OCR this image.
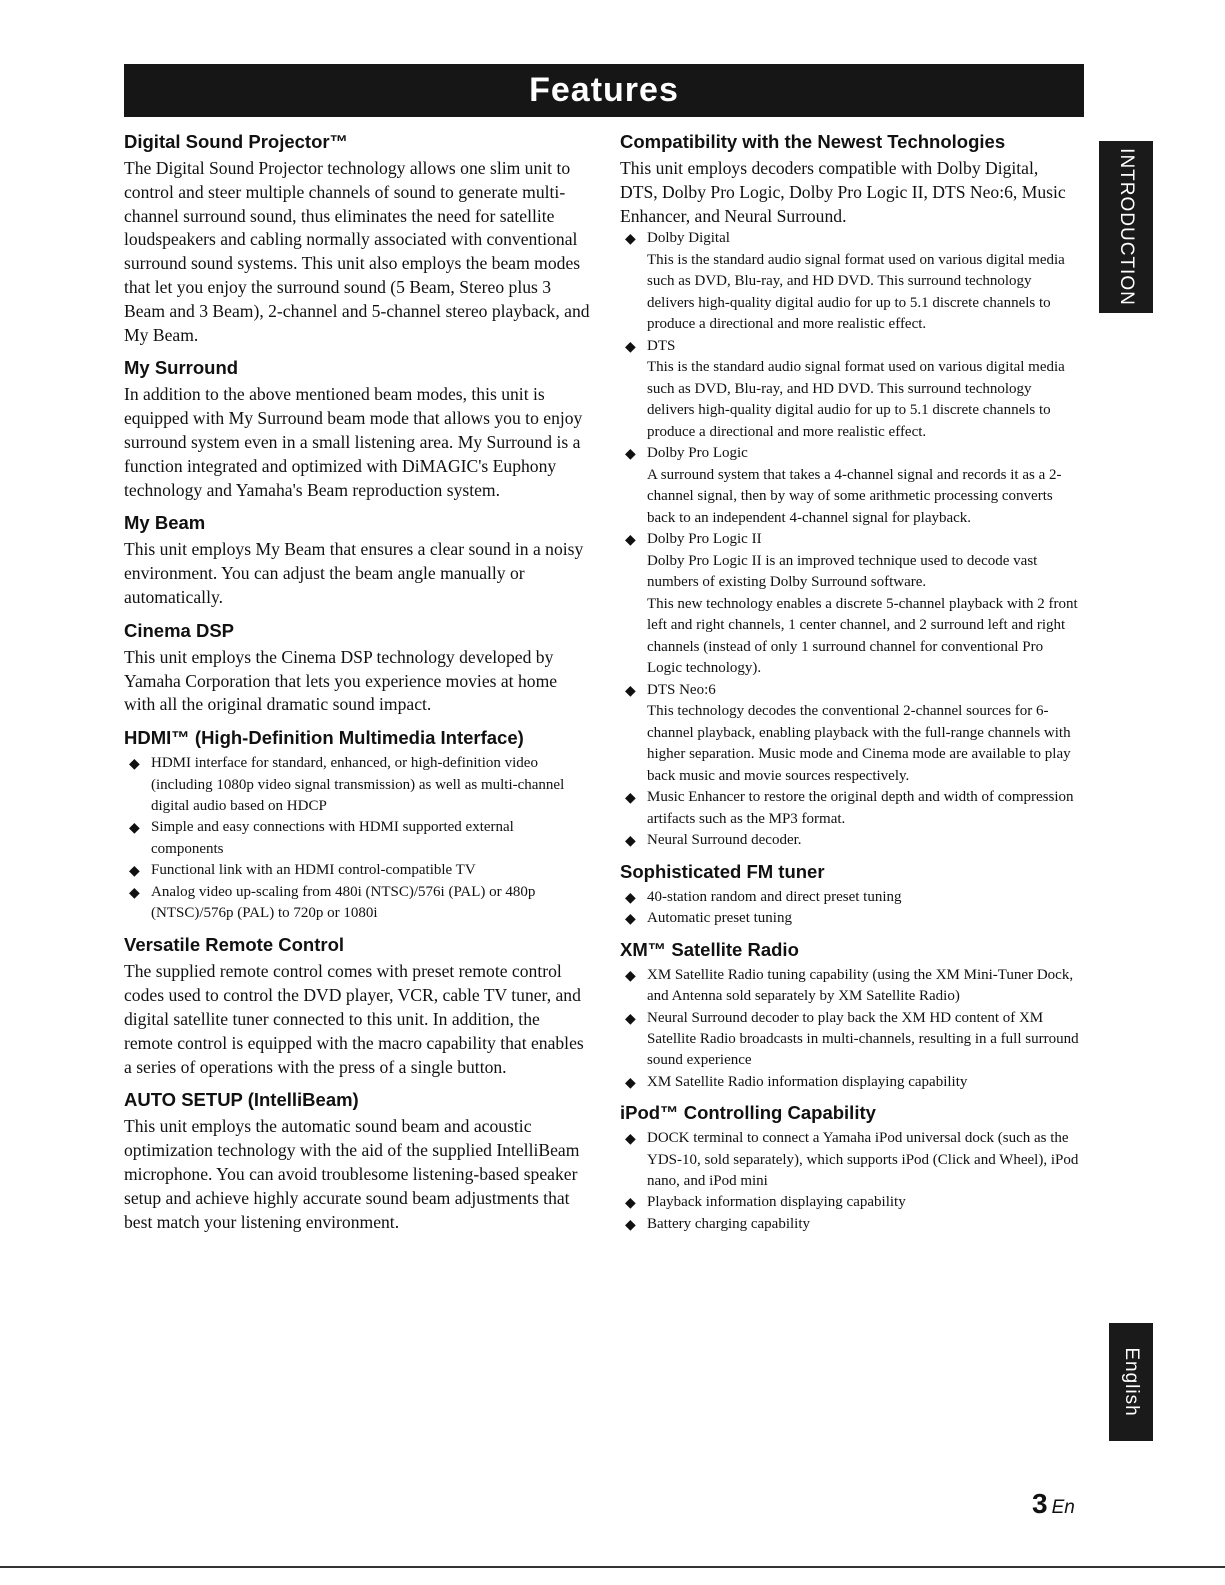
Features
INTRODUCTION
English
Digital Sound Projector™

The Digital Sound Projector technology allows one slim unit to control and steer multiple channels of sound to generate multi-channel surround sound, thus eliminates the need for satellite loudspeakers and cabling normally associated with conventional surround sound systems. This unit also employs the beam modes that let you enjoy the surround sound (5 Beam, Stereo plus 3 Beam and 3 Beam), 2-channel and 5-channel stereo playback, and My Beam.

My Surround

In addition to the above mentioned beam modes, this unit is equipped with My Surround beam mode that allows you to enjoy surround system even in a small listening area. My Surround is a function integrated and optimized with DiMAGIC's Euphony technology and Yamaha's Beam reproduction system.

My Beam

This unit employs My Beam that ensures a clear sound in a noisy environment. You can adjust the beam angle manually or automatically.

Cinema DSP

This unit employs the Cinema DSP technology developed by Yamaha Corporation that lets you experience movies at home with all the original dramatic sound impact.

HDMI™ (High-Definition Multimedia Interface)
◆ HDMI interface for standard, enhanced, or high-definition video (including 1080p video signal transmission) as well as multi-channel digital audio based on HDCP
◆ Simple and easy connections with HDMI supported external components
◆ Functional link with an HDMI control-compatible TV
◆ Analog video up-scaling from 480i (NTSC)/576i (PAL) or 480p (NTSC)/576p (PAL) to 720p or 1080i
Versatile Remote Control

The supplied remote control comes with preset remote control codes used to control the DVD player, VCR, cable TV tuner, and digital satellite tuner connected to this unit. In addition, the remote control is equipped with the macro capability that enables a series of operations with the press of a single button.

AUTO SETUP (IntelliBeam)

This unit employs the automatic sound beam and acoustic optimization technology with the aid of the supplied IntelliBeam microphone. You can avoid troublesome listening-based speaker setup and achieve highly accurate sound beam adjustments that best match your listening environment.

Compatibility with the Newest Technologies

This unit employs decoders compatible with Dolby Digital, DTS, Dolby Pro Logic, Dolby Pro Logic II, DTS Neo:6, Music Enhancer, and Neural Surround.

◆ Dolby Digital
This is the standard audio signal format used on various digital media such as DVD, Blu-ray, and HD DVD. This surround technology delivers high-quality digital audio for up to 5.1 discrete channels to produce a directional and more realistic effect.
◆ DTS
This is the standard audio signal format used on various digital media such as DVD, Blu-ray, and HD DVD. This surround technology delivers high-quality digital audio for up to 5.1 discrete channels to produce a directional and more realistic effect.
◆ Dolby Pro Logic
A surround system that takes a 4-channel signal and records it as a 2-channel signal, then by way of some arithmetic processing converts back to an independent 4-channel signal for playback.
◆ Dolby Pro Logic II
Dolby Pro Logic II is an improved technique used to decode vast numbers of existing Dolby Surround software.
This new technology enables a discrete 5-channel playback with 2 front left and right channels, 1 center channel, and 2 surround left and right channels (instead of only 1 surround channel for conventional Pro Logic technology).
◆ DTS Neo:6
This technology decodes the conventional 2-channel sources for 6-channel playback, enabling playback with the full-range channels with higher separation. Music mode and Cinema mode are available to play back music and movie sources respectively.
◆ Music Enhancer to restore the original depth and width of compression artifacts such as the MP3 format.
◆ Neural Surround decoder.
Sophisticated FM tuner
◆ 40-station random and direct preset tuning
◆ Automatic preset tuning
XM™ Satellite Radio
◆ XM Satellite Radio tuning capability (using the XM Mini-Tuner Dock, and Antenna sold separately by XM Satellite Radio)
◆ Neural Surround decoder to play back the XM HD content of XM Satellite Radio broadcasts in multi-channels, resulting in a full surround sound experience
◆ XM Satellite Radio information displaying capability
iPod™ Controlling Capability
◆ DOCK terminal to connect a Yamaha iPod universal dock (such as the YDS-10, sold separately), which supports iPod (Click and Wheel), iPod nano, and iPod mini
◆ Playback information displaying capability
◆ Battery charging capability
3 En
